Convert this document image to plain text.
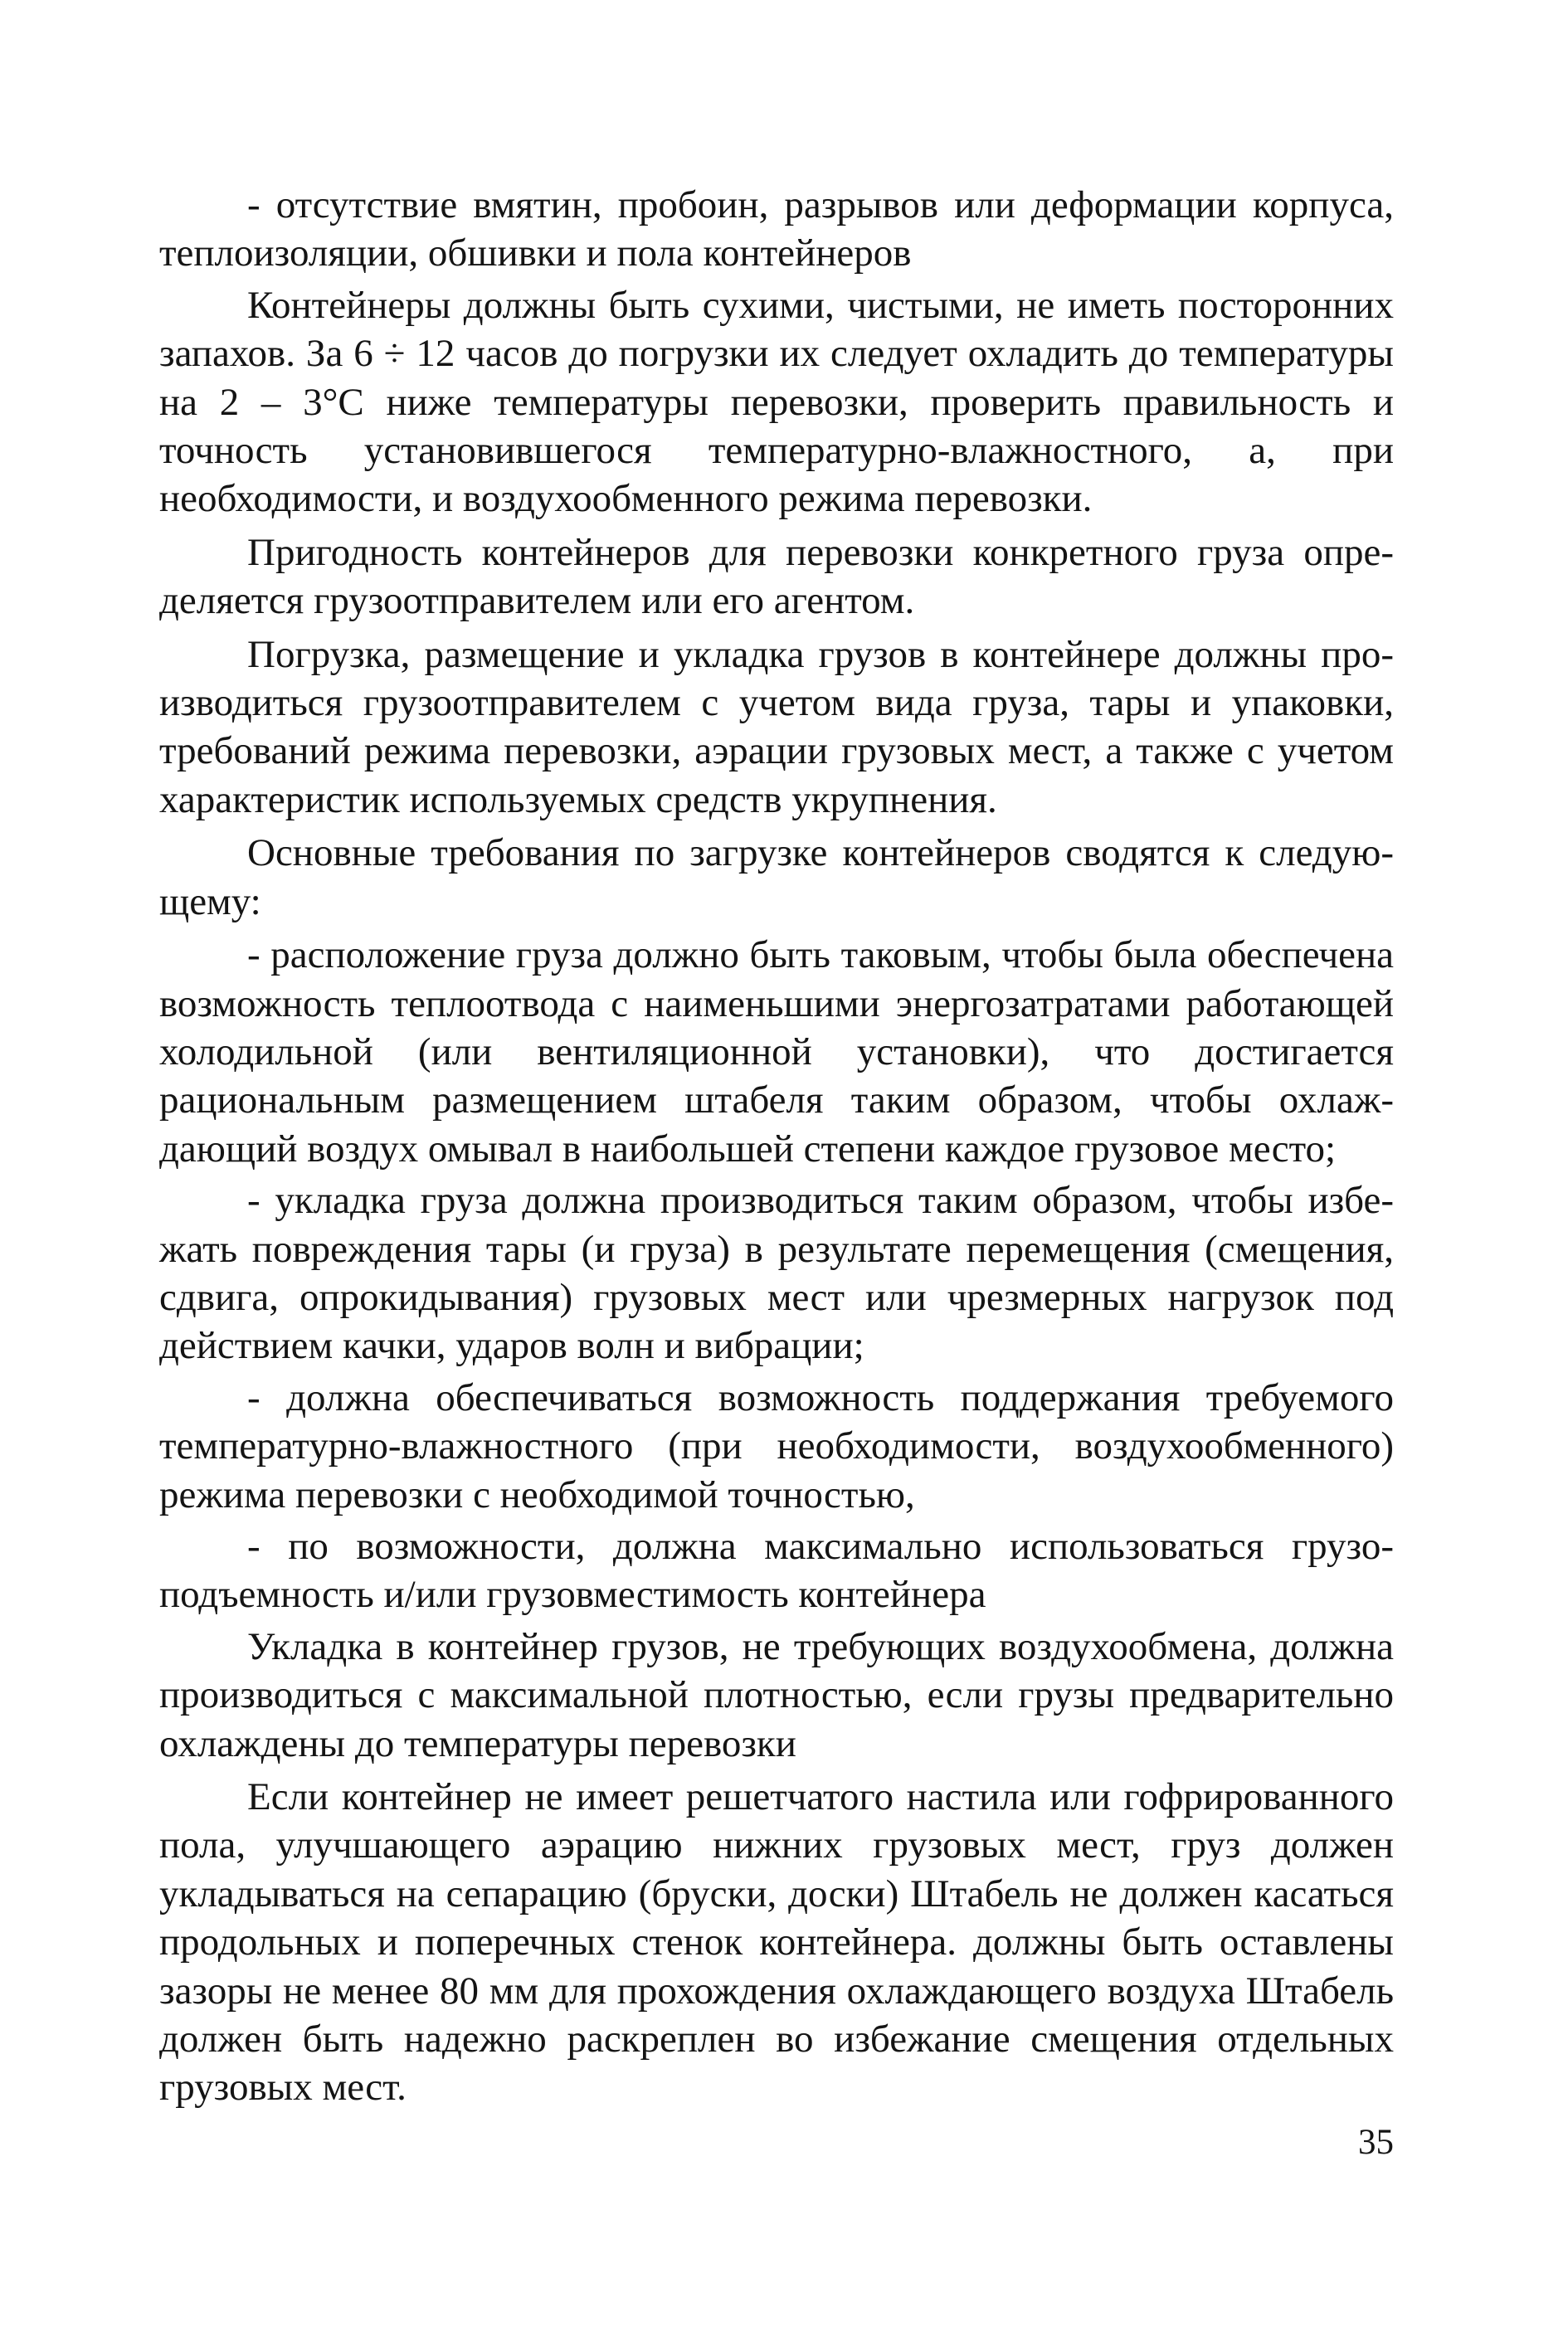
- отсутствие вмятин, пробоин, разрывов или деформации корпуса, теплоизоляции, обшивки и пола контейнеров

Контейнеры должны быть сухими, чистыми, не иметь посторонних запахов. За 6 ÷ 12 часов до погрузки их следует охладить до температуры на 2 – 3°С ниже температуры перевозки, проверить правильность и точность установившегося температурно-влажностного, а, при необходимости, и воздухообменного режима перевозки.

Пригодность контейнеров для перевозки конкретного груза определяется грузоотправителем или его агентом.

Погрузка, размещение и укладка грузов в контейнере должны производиться грузоотправителем с учетом вида груза, тары и упаковки, требований режима перевозки, аэрации грузовых мест, а также с учетом характеристик используемых средств укрупнения.

Основные требования по загрузке контейнеров сводятся к следующему:

- расположение груза должно быть таковым, чтобы была обеспечена возможность теплоотвода с наименьшими энергозатратами работающей холодильной (или вентиляционной установки), что достигается рациональным размещением штабеля таким образом, чтобы охлаждающий воздух омывал в наибольшей степени каждое грузовое место;

- укладка груза должна производиться таким образом, чтобы избежать повреждения тары (и груза) в результате перемещения (смещения, сдвига, опрокидывания) грузовых мест или чрезмерных нагрузок под действием качки, ударов волн и вибрации;

- должна обеспечиваться возможность поддержания требуемого температурно-влажностного (при необходимости, воздухообменного) режима перевозки с необходимой точностью,

- по возможности, должна максимально использоваться грузоподъемность и/или грузовместимость контейнера

Укладка в контейнер грузов, не требующих воздухообмена, должна производиться с максимальной плотностью, если грузы предварительно охлаждены до температуры перевозки

Если контейнер не имеет решетчатого настила или гофрированного пола, улучшающего аэрацию нижних грузовых мест, груз должен укладываться на сепарацию (бруски, доски) Штабель не должен касаться продольных и поперечных стенок контейнера. должны быть оставлены зазоры не менее 80 мм для прохождения охлаждающего воздуха Штабель должен быть надежно раскреплен во избежание смещения отдельных грузовых мест.

35
